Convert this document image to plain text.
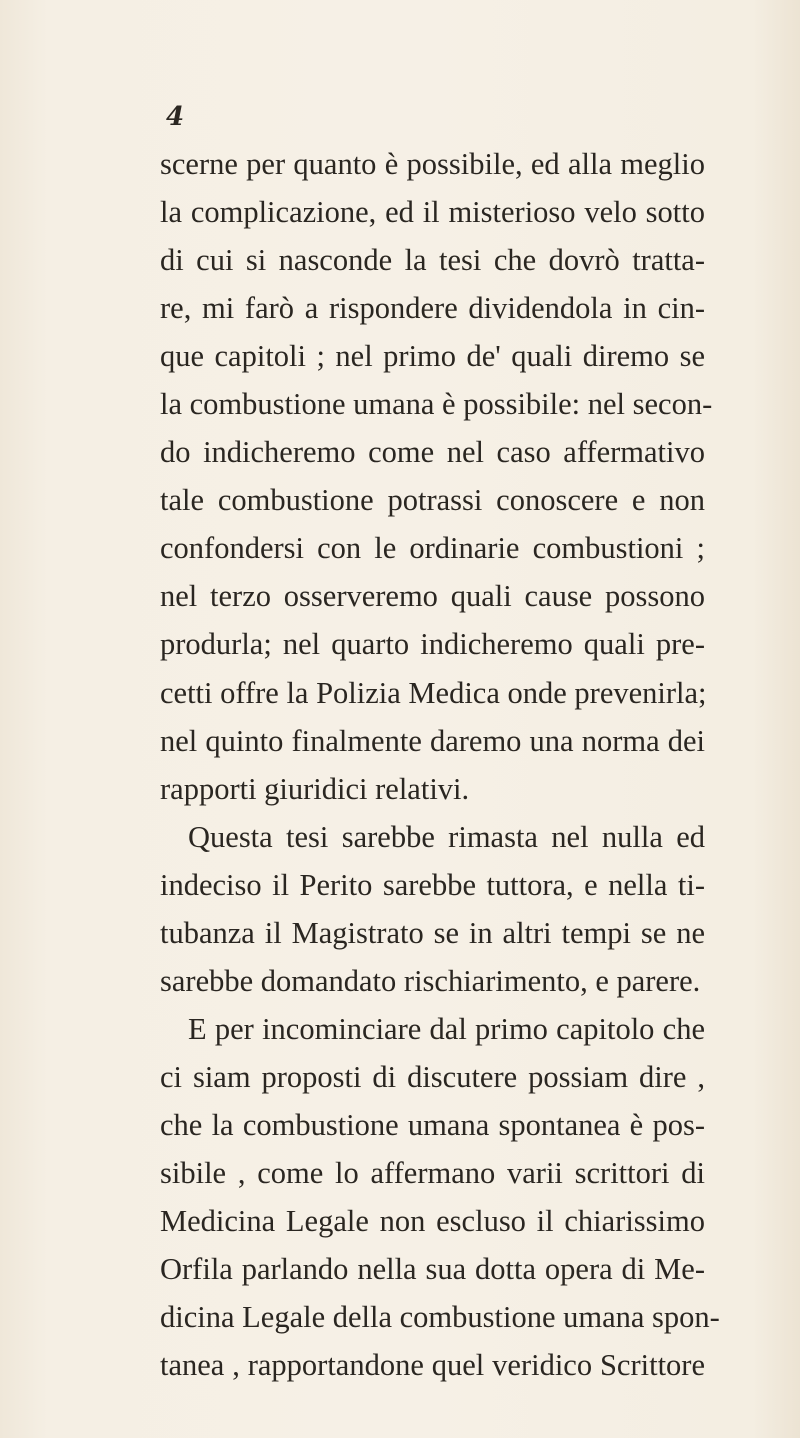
4
scerne per quanto è possibile, ed alla meglio
la complicazione, ed il misterioso velo sotto
di cui si nasconde la tesi che dovrò tratta-
re, mi farò a rispondere dividendola in cin-
que capitoli ; nel primo de' quali diremo se
la combustione umana è possibile: nel secon-
do indicheremo come nel caso affermativo
tale combustione potrassi conoscere e non
confondersi con le ordinarie combustioni ;
nel terzo osserveremo quali cause possono
produrla; nel quarto indicheremo quali pre-
cetti offre la Polizia Medica onde prevenirla;
nel quinto finalmente daremo una norma dei
rapporti giuridici relativi.
Questa tesi sarebbe rimasta nel nulla ed
indeciso il Perito sarebbe tuttora, e nella ti-
tubanza il Magistrato se in altri tempi se ne
sarebbe domandato rischiarimento, e parere.
E per incominciare dal primo capitolo che
ci siam proposti di discutere possiam dire ,
che la combustione umana spontanea è pos-
sibile , come lo affermano varii scrittori di
Medicina Legale non escluso il chiarissimo
Orfila parlando nella sua dotta opera di Me-
dicina Legale della combustione umana spon-
tanea , rapportandone quel veridico Scrittore
